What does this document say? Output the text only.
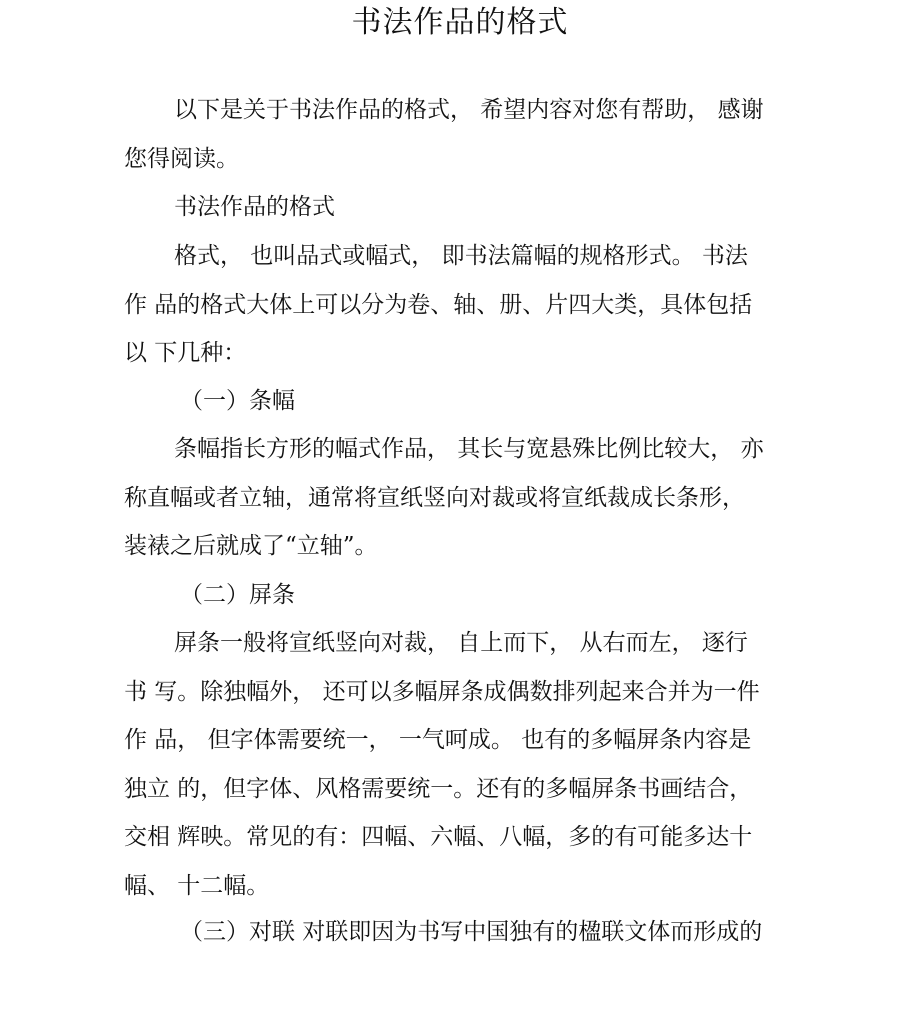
书法作品的格式
以下是关于书法作品的格式， 希望内容对您有帮助， 感谢
您得阅读。
书法作品的格式
格式， 也叫品式或幅式， 即书法篇幅的规格形式。 书法
作 品的格式大体上可以分为卷、轴、册、片四大类，具体包括
以 下几种：
（一）条幅
条幅指长方形的幅式作品， 其长与宽悬殊比例比较大， 亦
称直幅或者立轴，通常将宣纸竖向对裁或将宣纸裁成长条形，
装裱之后就成了“立轴”。
（二）屏条
屏条一般将宣纸竖向对裁， 自上而下， 从右而左， 逐行
书 写。除独幅外， 还可以多幅屏条成偶数排列起来合并为一件
作 品， 但字体需要统一， 一气呵成。 也有的多幅屏条内容是
独立 的，但字体、风格需要统一。还有的多幅屏条书画结合，
交相 辉映。常见的有：四幅、六幅、八幅，多的有可能多达十
幅、 十二幅。
（三）对联 对联即因为书写中国独有的楹联文体而形成的
